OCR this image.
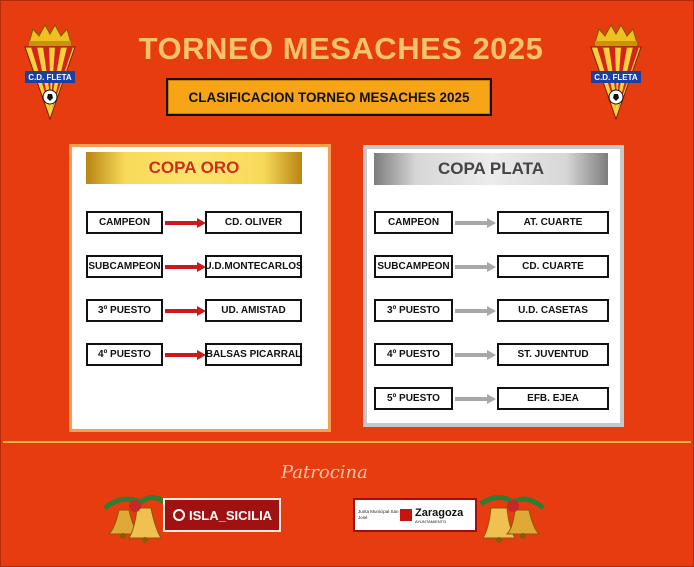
C.D. FLETA	C.D. FLETA
TORNEO MESACHES 2025
CLASIFICACION TORNEO MESACHES 2025
COPA ORO
CAMPEON	CD. OLIVER
SUBCAMPEON	U.D.MONTECARLOS
3º PUESTO	UD. AMISTAD
4º PUESTO	BALSAS PICARRAL
COPA PLATA
CAMPEON	AT. CUARTE
SUBCAMPEON	CD. CUARTE
3º PUESTO	U.D. CASETAS
4º PUESTO	ST. JUVENTUD
5º PUESTO	EFB. EJEA
Patrocina
ISLA_SICILIA	Junta Municipal San José	Zaragoza
AYUNTAMIENTO
